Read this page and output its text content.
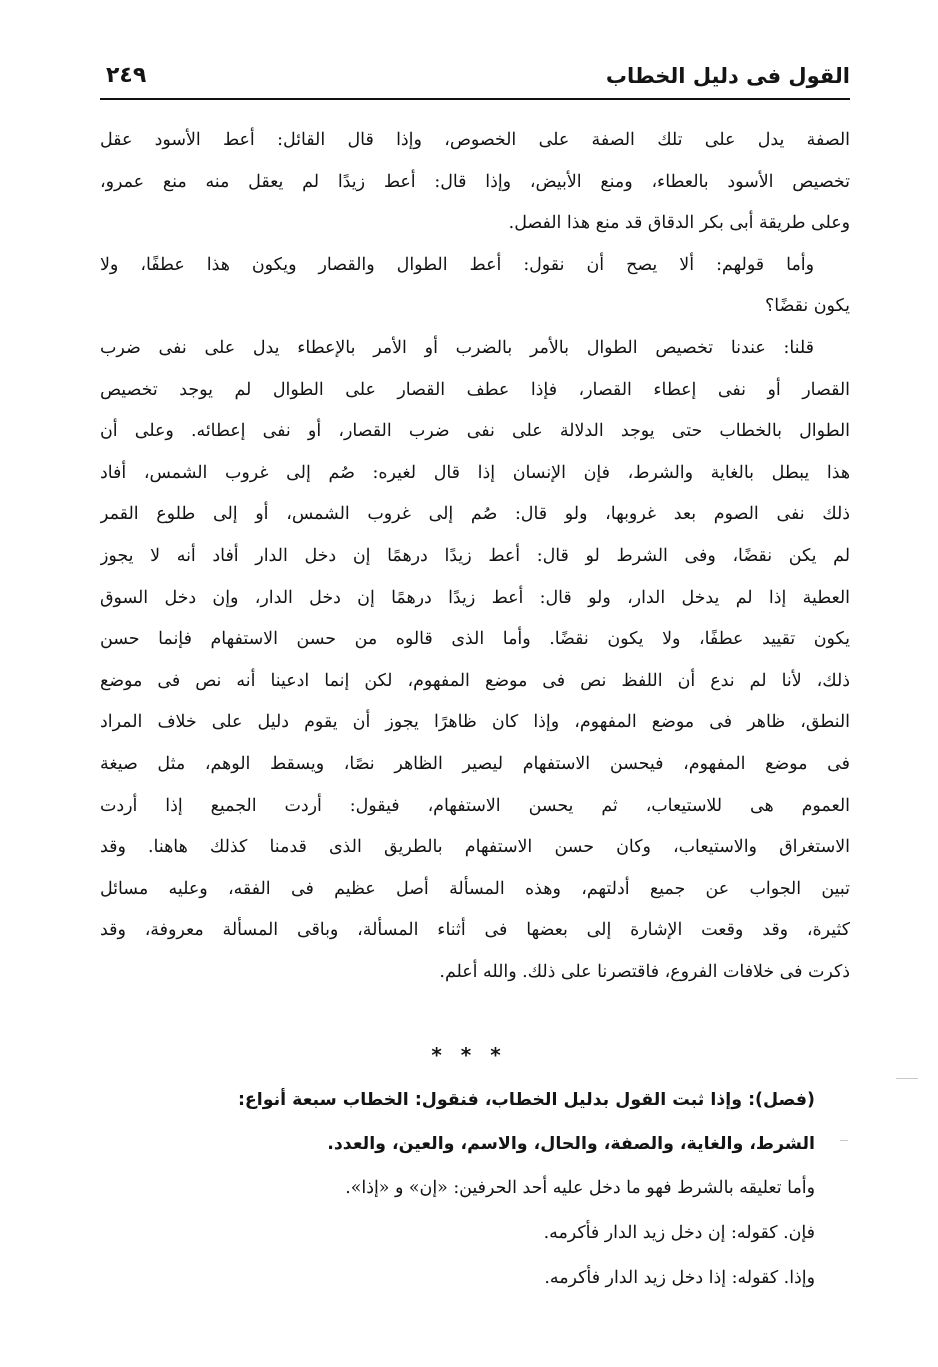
القول فى دليل الخطاب
٢٤٩
الصفة يدل على تلك الصفة على الخصوص، وإذا قال القائل: أعط الأسود عقل
تخصيص الأسود بالعطاء، ومنع الأبيض، وإذا قال: أعط زيدًا لم يعقل منه منع عمرو،
وعلى طريقة أبى بكر الدقاق قد منع هذا الفصل.
وأما قولهم: ألا يصح أن نقول: أعط الطوال والقصار ويكون هذا عطفًا، ولا
يكون نقضًا؟
قلنا: عندنا تخصيص الطوال بالأمر بالضرب أو الأمر بالإعطاء يدل على نفى ضرب
القصار أو نفى إعطاء القصار، فإذا عطف القصار على الطوال لم يوجد تخصيص
الطوال بالخطاب حتى يوجد الدلالة على نفى ضرب القصار، أو نفى إعطائه. وعلى أن
هذا يبطل بالغاية والشرط، فإن الإنسان إذا قال لغيره: صُم إلى غروب الشمس، أفاد
ذلك نفى الصوم بعد غروبها، ولو قال: صُم إلى غروب الشمس، أو إلى طلوع القمر
لم يكن نقضًا، وفى الشرط لو قال: أعط زيدًا درهمًا إن دخل الدار أفاد أنه لا يجوز
العطية إذا لم يدخل الدار، ولو قال: أعط زيدًا درهمًا إن دخل الدار، وإن دخل السوق
يكون تقييد عطفًا، ولا يكون نقضًا. وأما الذى قالوه من حسن الاستفهام فإنما حسن
ذلك، لأنا لم ندع أن اللفظ نص فى موضع المفهوم، لكن إنما ادعينا أنه نص فى موضع
النطق، ظاهر فى موضع المفهوم، وإذا كان ظاهرًا يجوز أن يقوم دليل على خلاف المراد
فى موضع المفهوم، فيحسن الاستفهام ليصير الظاهر نصًا، ويسقط الوهم، مثل صيغة
العموم هى للاستيعاب، ثم يحسن الاستفهام، فيقول: أردت الجميع إذا أردت
الاستغراق والاستيعاب، وكان حسن الاستفهام بالطريق الذى قدمنا كذلك هاهنا. وقد
تبين الجواب عن جميع أدلتهم، وهذه المسألة أصل عظيم فى الفقه، وعليه مسائل
كثيرة، وقد وقعت الإشارة إلى بعضها فى أثناء المسألة، وباقى المسألة معروفة، وقد
ذكرت فى خلافات الفروع، فاقتصرنا على ذلك. والله أعلم.
* * *
(فصل): وإذا ثبت القول بدليل الخطاب، فنقول: الخطاب سبعة أنواع:
الشرط، والغاية، والصفة، والحال، والاسم، والعين، والعدد.
وأما تعليقه بالشرط فهو ما دخل عليه أحد الحرفين: «إن» و «إذا».
فإن. كقوله: إن دخل زيد الدار فأكرمه.
وإذا. كقوله: إذا دخل زيد الدار فأكرمه.
